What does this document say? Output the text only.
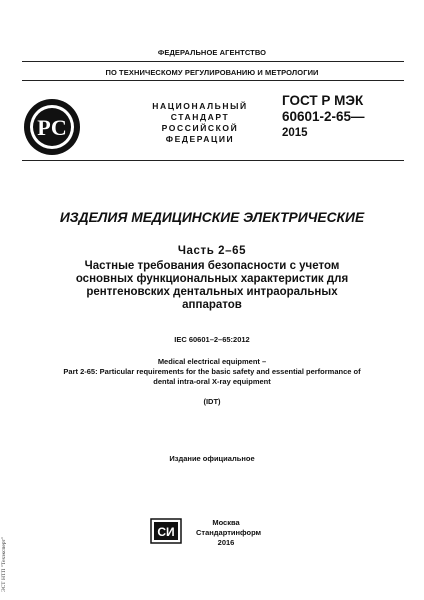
ФЕДЕРАЛЬНОЕ АГЕНТСТВО
ПО ТЕХНИЧЕСКОМУ РЕГУЛИРОВАНИЮ И МЕТРОЛОГИИ
РС
НАЦИОНАЛЬНЫЙ
СТАНДАРТ
РОССИЙСКОЙ
ФЕДЕРАЦИИ
ГОСТ Р МЭК
60601-2-65—
2015
ИЗДЕЛИЯ МЕДИЦИНСКИЕ ЭЛЕКТРИЧЕСКИЕ
Часть 2–65
Частные требования безопасности с учетом
основных функциональных характеристик для
рентгеновских дентальных интраоральных
аппаратов
IEC 60601–2–65:2012
Medical electrical equipment –
Part 2-65: Particular requirements for the basic safety and essential performance of
dental intra-oral X-ray equipment
(IDT)
Издание официальное
СИ
Москва
Стандартинформ
2016
ЭСТ НТП "Техэксперт"
